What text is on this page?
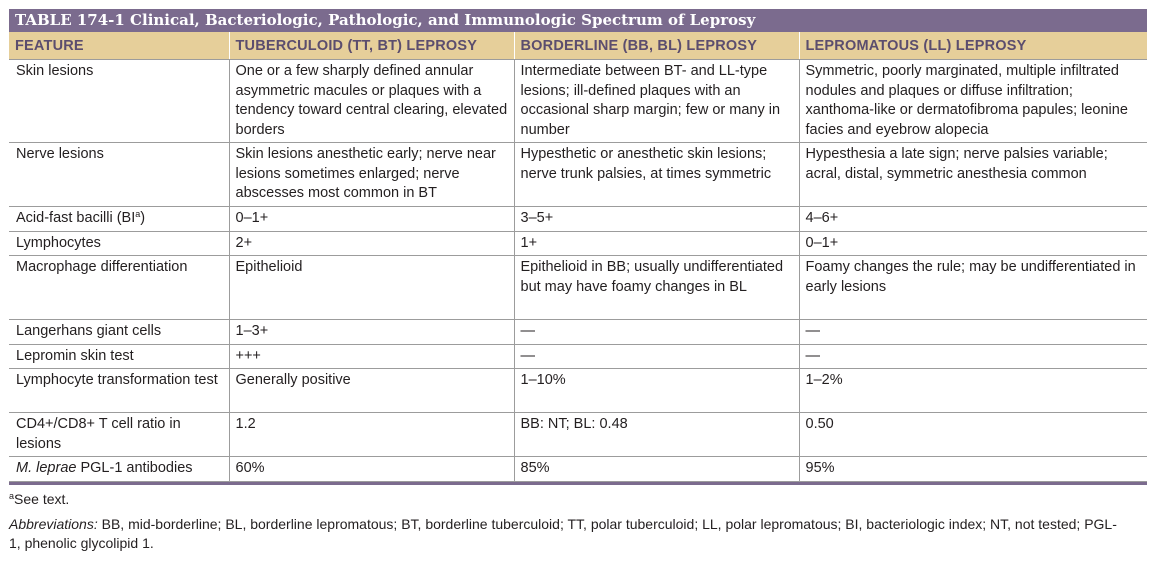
TABLE 174-1 Clinical, Bacteriologic, Pathologic, and Immunologic Spectrum of Leprosy
FEATURE	TUBERCULOID (TT, BT) LEPROSY	BORDERLINE (BB, BL) LEPROSY	LEPROMATOUS (LL) LEPROSY
Skin lesions	One or a few sharply defined annular asymmetric macules or plaques with a tendency toward central clearing, elevated borders	Intermediate between BT- and LL-type lesions; ill-defined plaques with an occasional sharp margin; few or many in number	Symmetric, poorly marginated, multiple infiltrated nodules and plaques or diffuse infiltration; xanthoma-like or dermatofibroma papules; leonine facies and eyebrow alopecia
Nerve lesions	Skin lesions anesthetic early; nerve near lesions sometimes enlarged; nerve abscesses most common in BT	Hypesthetic or anesthetic skin lesions; nerve trunk palsies, at times symmetric	Hypesthesia a late sign; nerve palsies variable; acral, distal, symmetric anesthesia common
Acid-fast bacilli $(BI^a)$	0–1+	3–5+	4–6+
Lymphocytes	2+	1+	0–1+
Macrophage differentiation	Epithelioid	Epithelioid in BB; usually undifferentiated but may have foamy changes in BL	Foamy changes the rule; may be undifferentiated in early lesions
Langerhans giant cells	1–3+	—	—
Lepromin skin test	+++	—	—
Lymphocyte transformation test	Generally positive	1–10%	1–2%
CD4+/CD8+ T cell ratio in lesions	1.2	BB: NT; BL: 0.48	0.50
M. leprae PGL-1 antibodies	60%	85%	95%
$^a$See text.
Abbreviations: BB, mid-borderline; BL, borderline lepromatous; BT, borderline tuberculoid; TT, polar tuberculoid; LL, polar lepromatous; BI, bacteriologic index; NT, not tested; PGL-1, phenolic glycolipid 1.
